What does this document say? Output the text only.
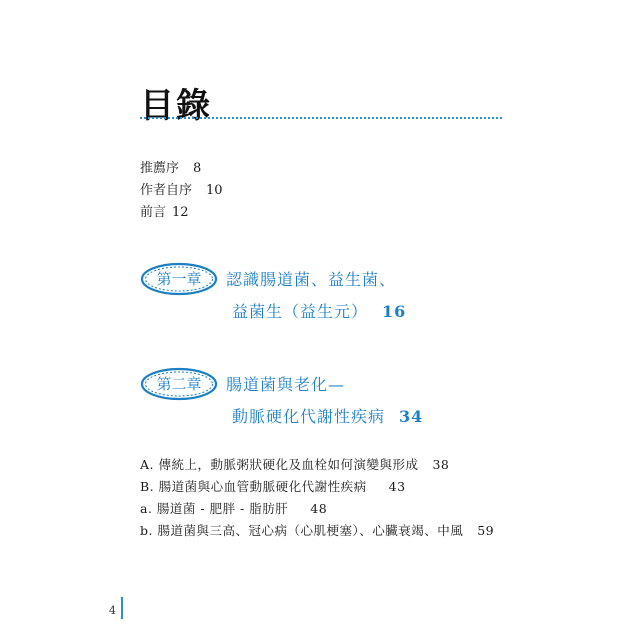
目錄
推薦序 8
作者自序 10
前言 12
第一章	認識腸道菌、益生菌、
益菌生（益生元） 16
第二章	腸道菌與老化—
動脈硬化代謝性疾病 34
A. 傳統上，動脈粥狀硬化及血栓如何演變與形成 38
B. 腸道菌與心血管動脈硬化代謝性疾病 43
a. 腸道菌 - 肥胖 - 脂肪肝 48
b. 腸道菌與三高、冠心病（心肌梗塞）、心臟衰竭、中風 59
4
